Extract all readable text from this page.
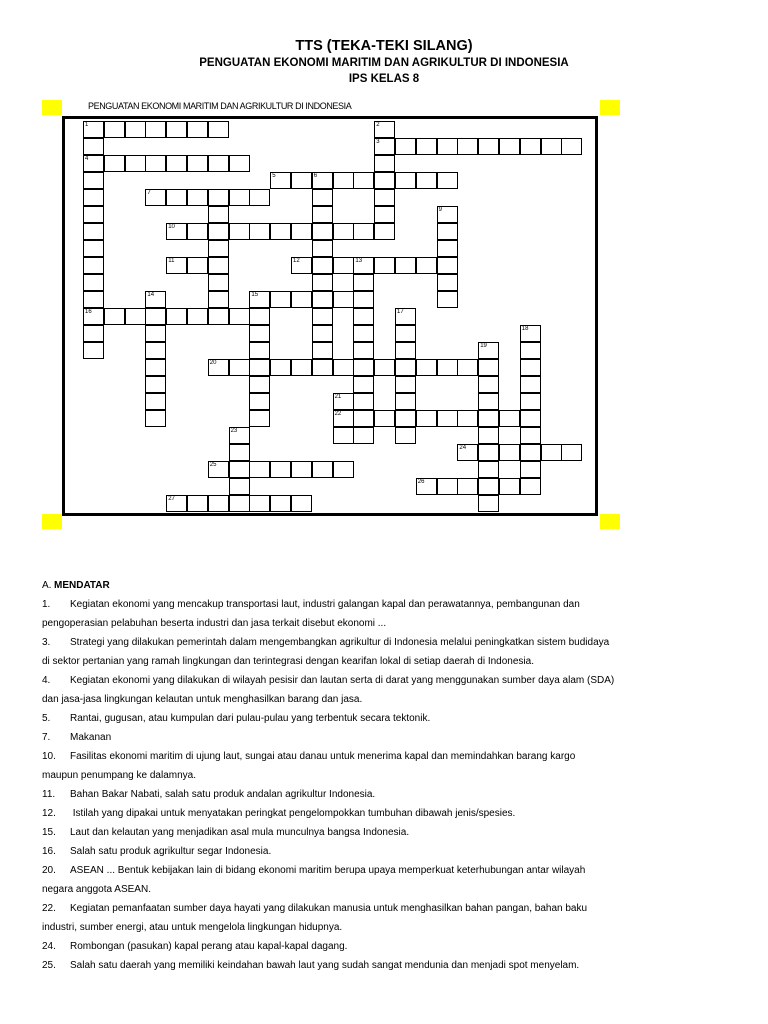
TTS (TEKA-TEKI SILANG)
PENGUATAN EKONOMI MARITIM DAN AGRIKULTUR DI INDONESIA
IPS KELAS 8
PENGUATAN EKONOMI MARITIM DAN AGRIKULTUR DI INDONESIA
1
4
16
2
3
5	6
7
9
10
11	12	13
14	15
17
18
19
20
21
22
23
24
25
26
27

A. MENDATAR

1. Kegiatan ekonomi yang mencakup transportasi laut, industri galangan kapal dan perawatannya, pembangunan dan

pengoperasian pelabuhan beserta industri dan jasa terkait disebut ekonomi ...

3. Strategi yang dilakukan pemerintah dalam mengembangkan agrikultur di Indonesia melalui peningkatkan sistem budidaya

di sektor pertanian yang ramah lingkungan dan terintegrasi dengan kearifan lokal di setiap daerah di Indonesia.

4. Kegiatan ekonomi yang dilakukan di wilayah pesisir dan lautan serta di darat yang menggunakan sumber daya alam (SDA)

dan jasa-jasa lingkungan kelautan untuk menghasilkan barang dan jasa.

5. Rantai, gugusan, atau kumpulan dari pulau-pulau yang terbentuk secara tektonik.

7. Makanan

10. Fasilitas ekonomi maritim di ujung laut, sungai atau danau untuk menerima kapal dan memindahkan barang kargo

maupun penumpang ke dalamnya.

11. Bahan Bakar Nabati, salah satu produk andalan agrikultur Indonesia.

12. Istilah yang dipakai untuk menyatakan peringkat pengelompokkan tumbuhan dibawah jenis/spesies.

15. Laut dan kelautan yang menjadikan asal mula munculnya bangsa Indonesia.

16. Salah satu produk agrikultur segar Indonesia.

20. ASEAN ... Bentuk kebijakan lain di bidang ekonomi maritim berupa upaya memperkuat keterhubungan antar wilayah

negara anggota ASEAN.

22. Kegiatan pemanfaatan sumber daya hayati yang dilakukan manusia untuk menghasilkan bahan pangan, bahan baku

industri, sumber energi, atau untuk mengelola lingkungan hidupnya.

24. Rombongan (pasukan) kapal perang atau kapal-kapal dagang.

25. Salah satu daerah yang memiliki keindahan bawah laut yang sudah sangat mendunia dan menjadi spot menyelam.
